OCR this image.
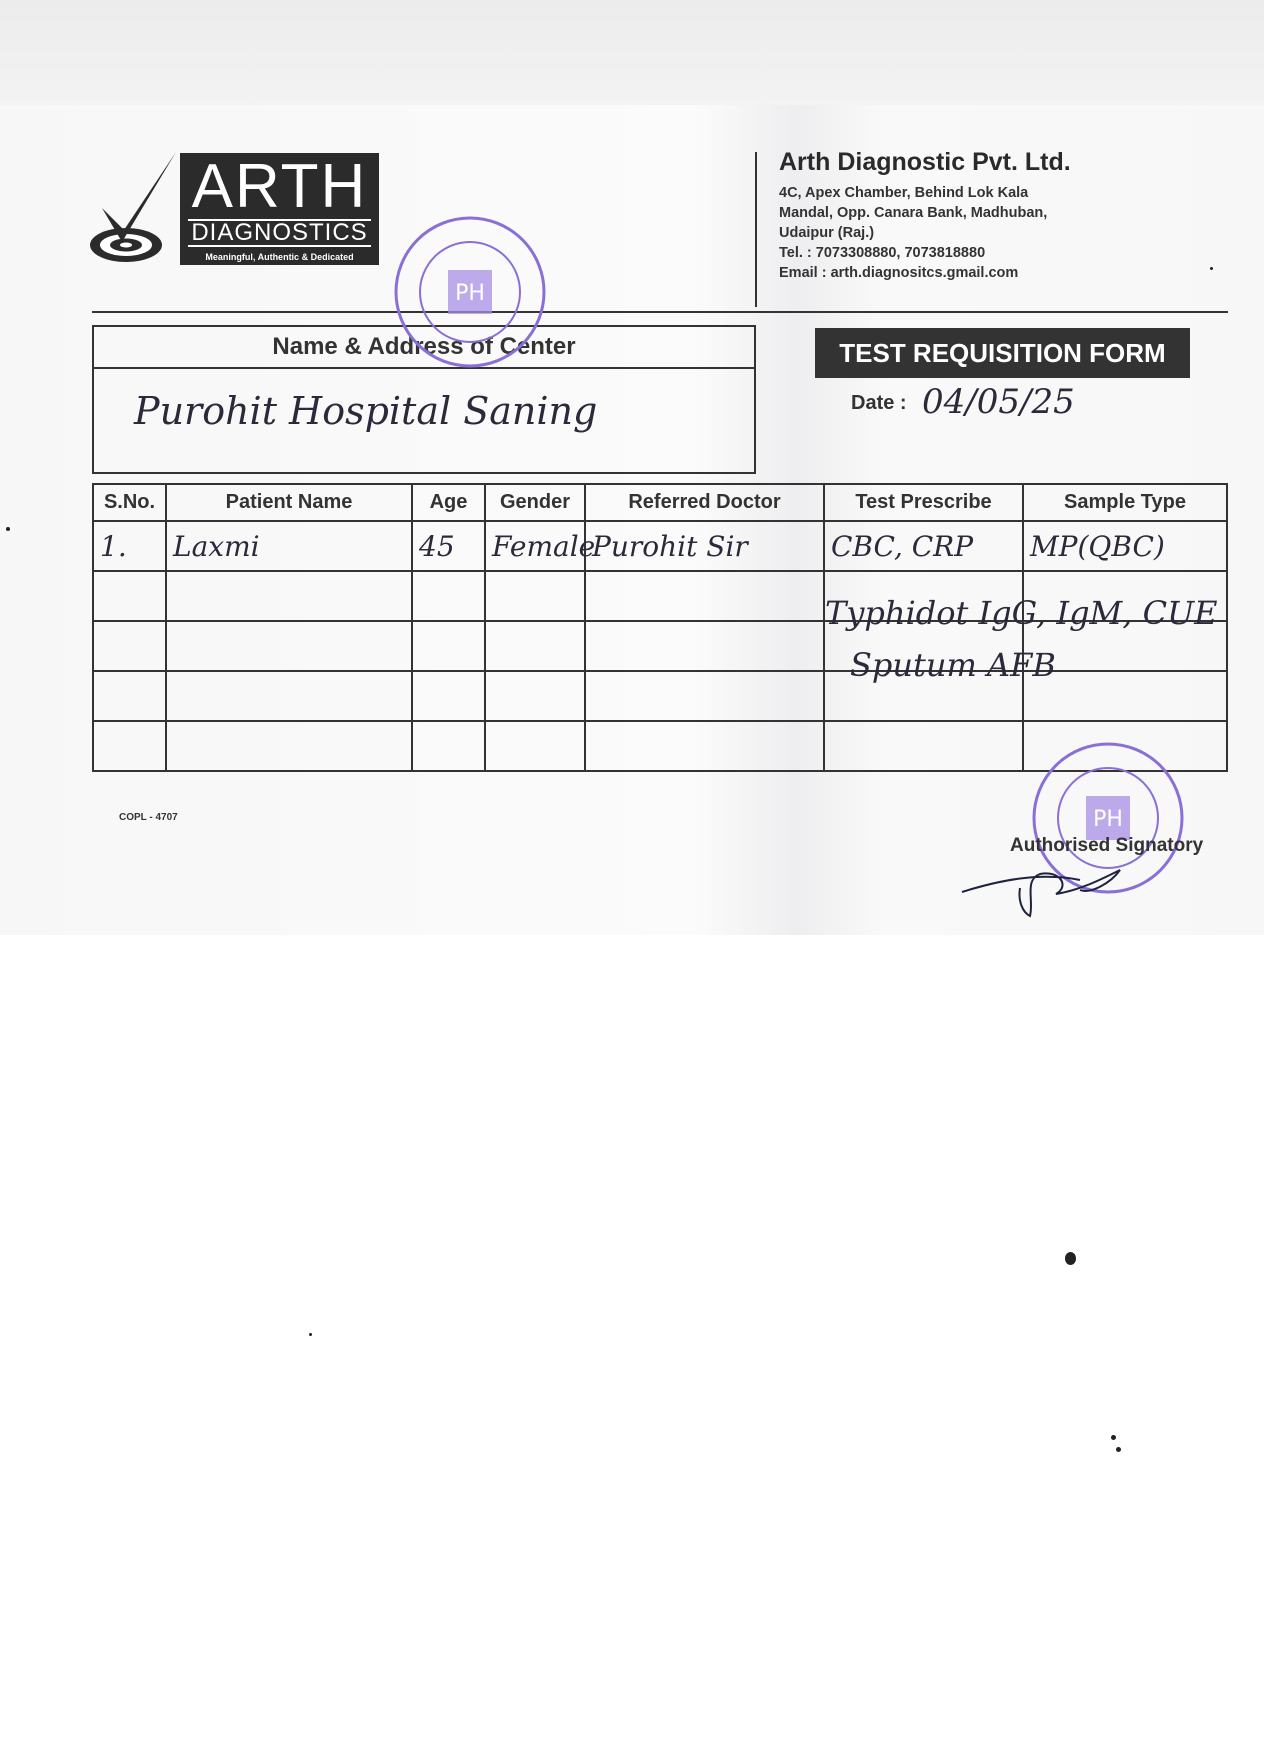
ARTH
DIAGNOSTICS
Meaningful, Authentic & Dedicated
Arth Diagnostic Pvt. Ltd.
4C, Apex Chamber, Behind Lok Kala
Mandal, Opp. Canara Bank, Madhuban,
Udaipur (Raj.)
Tel. : 7073308880, 7073818880
Email : arth.diagnositcs.gmail.com
Name & Address of Center
Purohit Hospital Saning
PH
TEST REQUISITION FORM
Date : 04/05/25
S.No.	Patient Name	Age	Gender	Referred Doctor	Test Prescribe	Sample Type
1.	Laxmi	45	Female	Purohit Sir	CBC, CRP	MP(QBC)

Typhidot IgG, IgM, CUE
Sputum AFB
COPL - 4707	PH
Authorised Signatory
